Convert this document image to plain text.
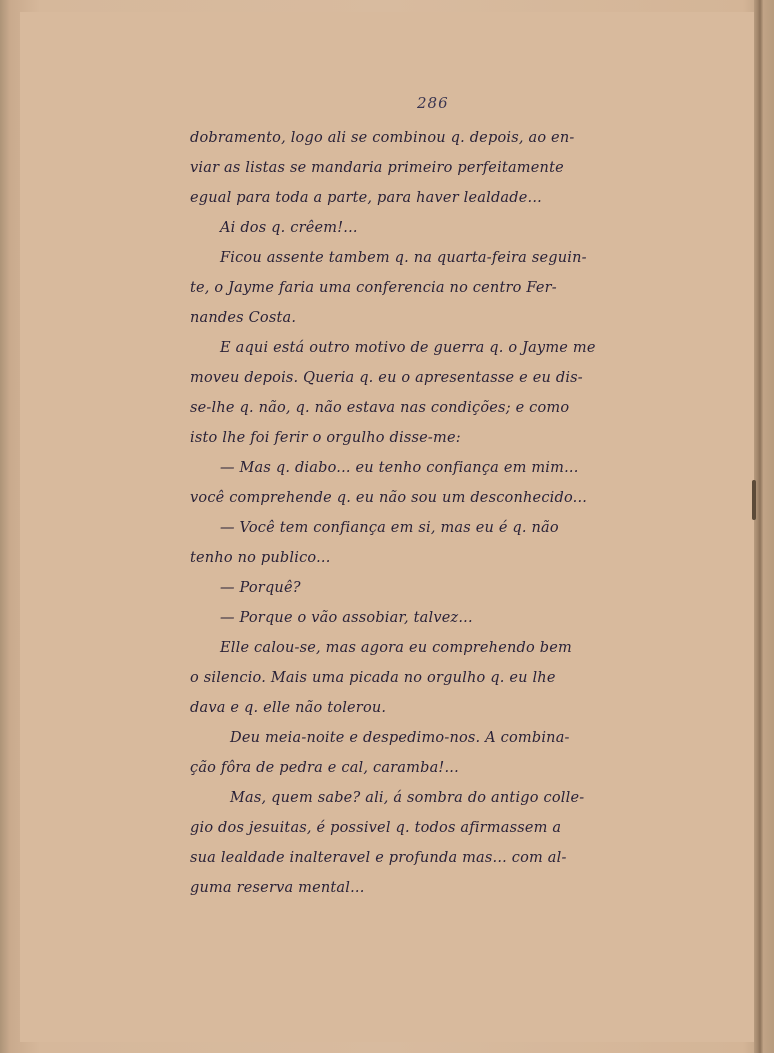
286
dobramento, logo ali se combinou q. depois, ao en-
viar as listas se mandaria primeiro perfeitamente
egual para toda a parte, para haver lealdade...
Ai dos q. crêem!...
Ficou assente tambem q. na quarta-feira seguin-
te, o Jayme faria uma conferencia no centro Fer-
nandes Costa.
E aqui está outro motivo de guerra q. o Jayme me
moveu depois. Queria q. eu o apresentasse e eu dis-
se-lhe q. não, q. não estava nas condições; e como
isto lhe foi ferir o orgulho disse-me:
— Mas q. diabo... eu tenho confiança em mim...
você comprehende q. eu não sou um desconhecido...
— Você tem confiança em si, mas eu é q. não
tenho no publico...
— Porquê?
— Porque o vão assobiar, talvez...
Elle calou-se, mas agora eu comprehendo bem
o silencio. Mais uma picada no orgulho q. eu lhe
dava e q. elle não tolerou.
Deu meia-noite e despedimo-nos. A combina-
ção fôra de pedra e cal, caramba!...
Mas, quem sabe? ali, á sombra do antigo colle-
gio dos jesuitas, é possivel q. todos afirmassem a
sua lealdade inalteravel e profunda mas... com al-
guma reserva mental...
